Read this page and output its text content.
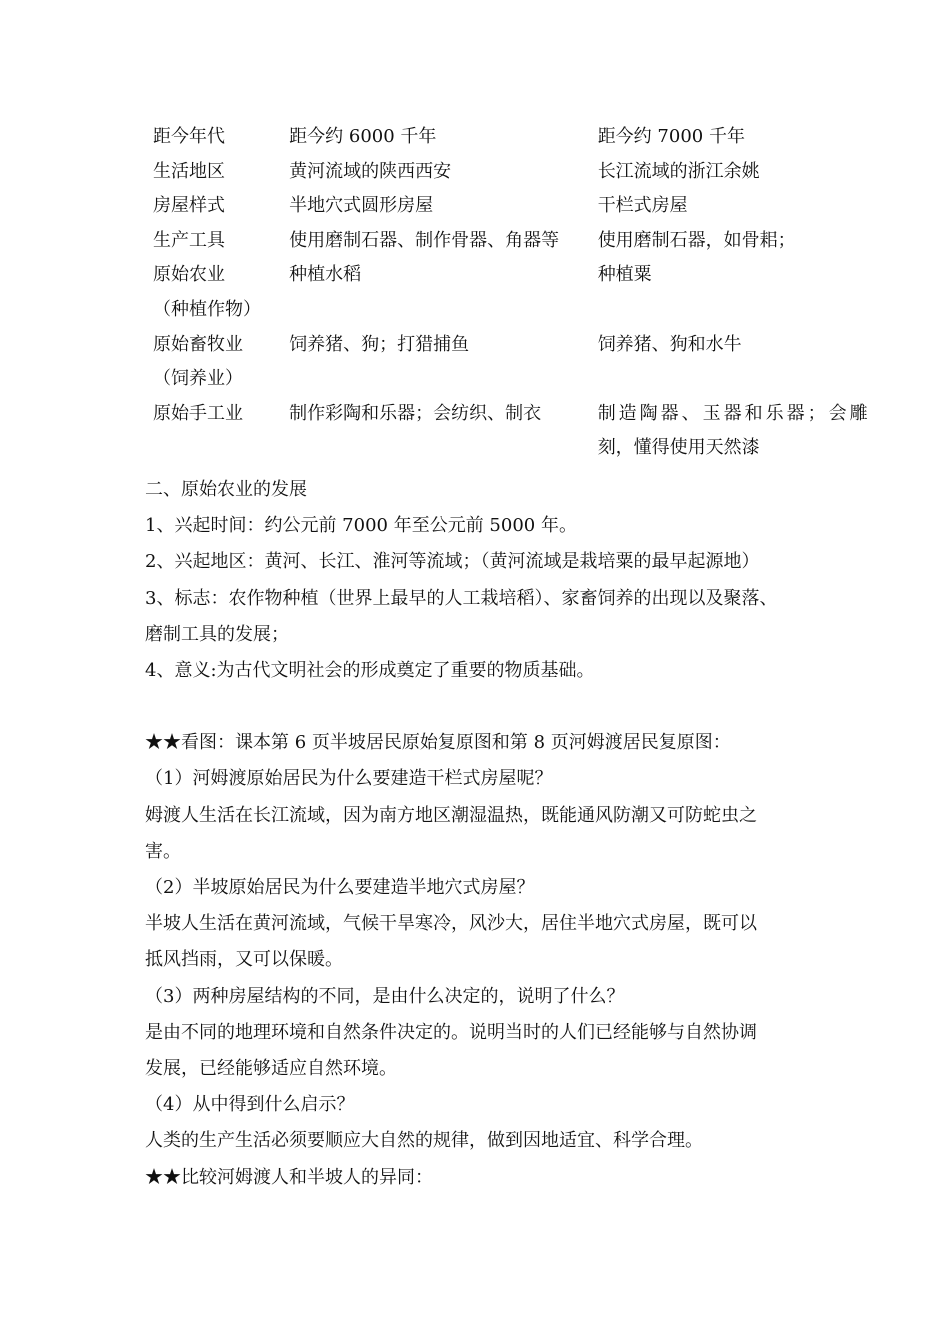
距今年代	距今约 6000 千年	距今约 7000 千年
生活地区	黄河流域的陕西西安	长江流域的浙江余姚
房屋样式	半地穴式圆形房屋	干栏式房屋
生产工具	使用磨制石器、制作骨器、角器等	使用磨制石器，如骨耜；

原始农业
（种植作物）	种植水稻	种植粟

原始畜牧业
（饲养业）	饲养猪、狗；打猎捕鱼	饲养猪、狗和水牛
原始手工业	制作彩陶和乐器；会纺织、制衣	制造陶器、玉器和乐器；会雕
刻，懂得使用天然漆

二、原始农业的发展

1、兴起时间：约公元前 7000 年至公元前 5000 年。

2、兴起地区：黄河、长江、淮河等流域；（黄河流域是栽培粟的最早起源地）

3、标志：农作物种植（世界上最早的人工栽培稻）、家畜饲养的出现以及聚落、

磨制工具的发展；

4、意义:为古代文明社会的形成奠定了重要的物质基础。

★★看图：课本第 6 页半坡居民原始复原图和第 8 页河姆渡居民复原图：

（1）河姆渡原始居民为什么要建造干栏式房屋呢？

姆渡人生活在长江流域，因为南方地区潮湿温热，既能通风防潮又可防蛇虫之

害。

（2）半坡原始居民为什么要建造半地穴式房屋？

半坡人生活在黄河流域，气候干旱寒冷，风沙大，居住半地穴式房屋，既可以

抵风挡雨，又可以保暖。

（3）两种房屋结构的不同，是由什么决定的，说明了什么？

是由不同的地理环境和自然条件决定的。说明当时的人们已经能够与自然协调

发展，已经能够适应自然环境。

（4）从中得到什么启示？

人类的生产生活必须要顺应大自然的规律，做到因地适宜、科学合理。

★★比较河姆渡人和半坡人的异同：
